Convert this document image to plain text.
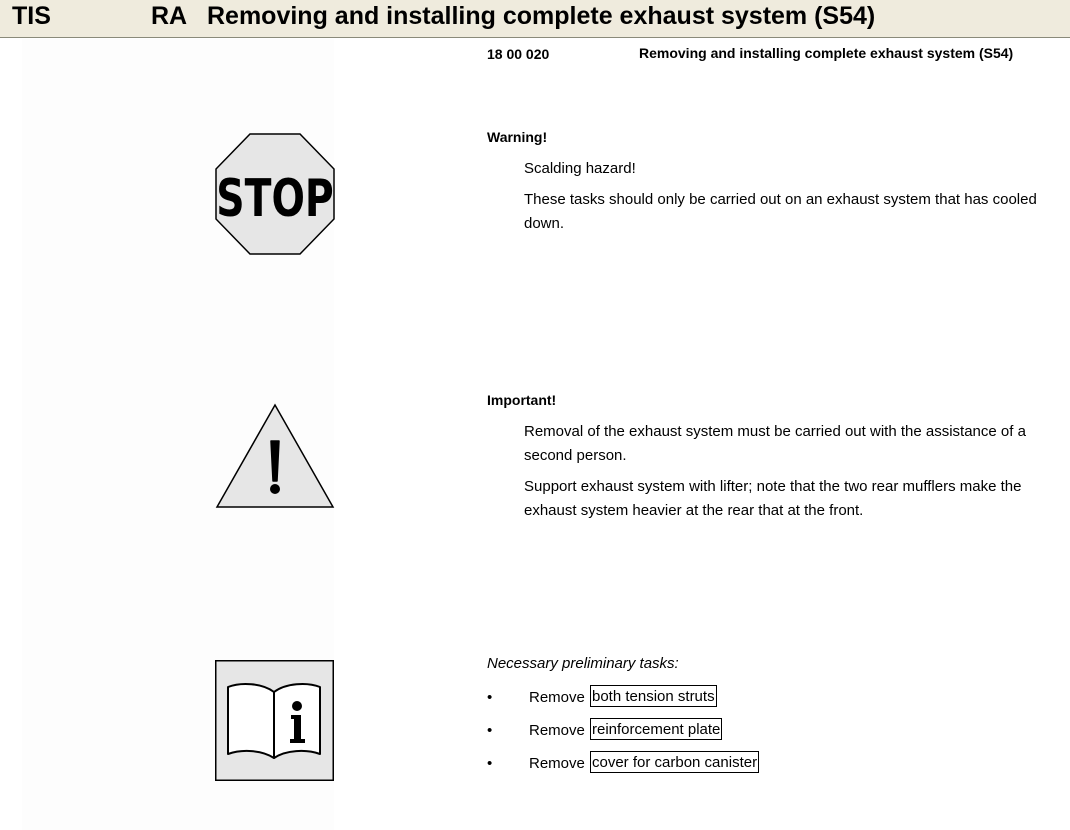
TIS	RA Removing and installing complete exhaust system (S54)
18 00 020	Removing and installing complete exhaust system (S54)
STOP
Warning!
Scalding hazard!
These tasks should only be carried out on an exhaust system that has cooled down.
Important!
Removal of the exhaust system must be carried out with the assistance of a second person.
Support exhaust system with lifter; note that the two rear mufflers make the exhaust system heavier at the rear that at the front.
Necessary preliminary tasks:
• Remove both tension struts
• Remove reinforcement plate
• Remove cover for carbon canister
